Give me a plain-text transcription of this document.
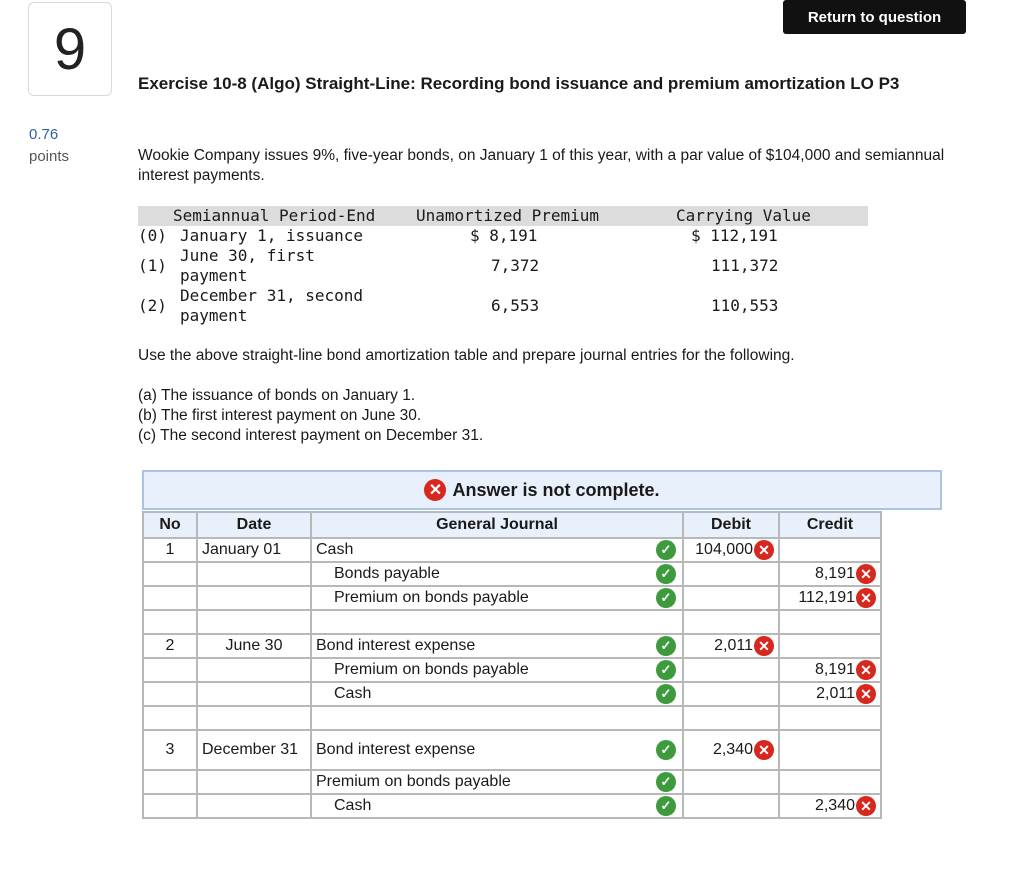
9
0.76
points
Return to question
Exercise 10-8 (Algo) Straight-Line: Recording bond issuance and premium amortization LO P3
Wookie Company issues 9%, five-year bonds, on January 1 of this year, with a par value of $104,000 and semiannual interest payments.
Semiannual Period-End	Unamortized Premium	Carrying Value
(0) January 1, issuance	$ 8,191	$ 112,191
(1)
June 30, first
payment
7,372	111,372
(2)
December 31, second
payment
6,553	110,553
Use the above straight-line bond amortization table and prepare journal entries for the following.
(a) The issuance of bonds on January 1.
(b) The first interest payment on June 30.
(c) The second interest payment on December 31.
✕ Answer is not complete.
No	Date	General Journal	Debit	Credit
1	January 01	Cash ✓	104,000 ✕	
		Bonds payable ✓		8,191 ✕
		Premium on bonds payable ✓		112,191 ✕

2	June 30	Bond interest expense ✓	2,011 ✕	
		Premium on bonds payable ✓		8,191 ✕
		Cash ✓		2,011 ✕

3	December 31	Bond interest expense ✓	2,340 ✕	
		Premium on bonds payable ✓		

		Cash ✓		2,340 ✕
